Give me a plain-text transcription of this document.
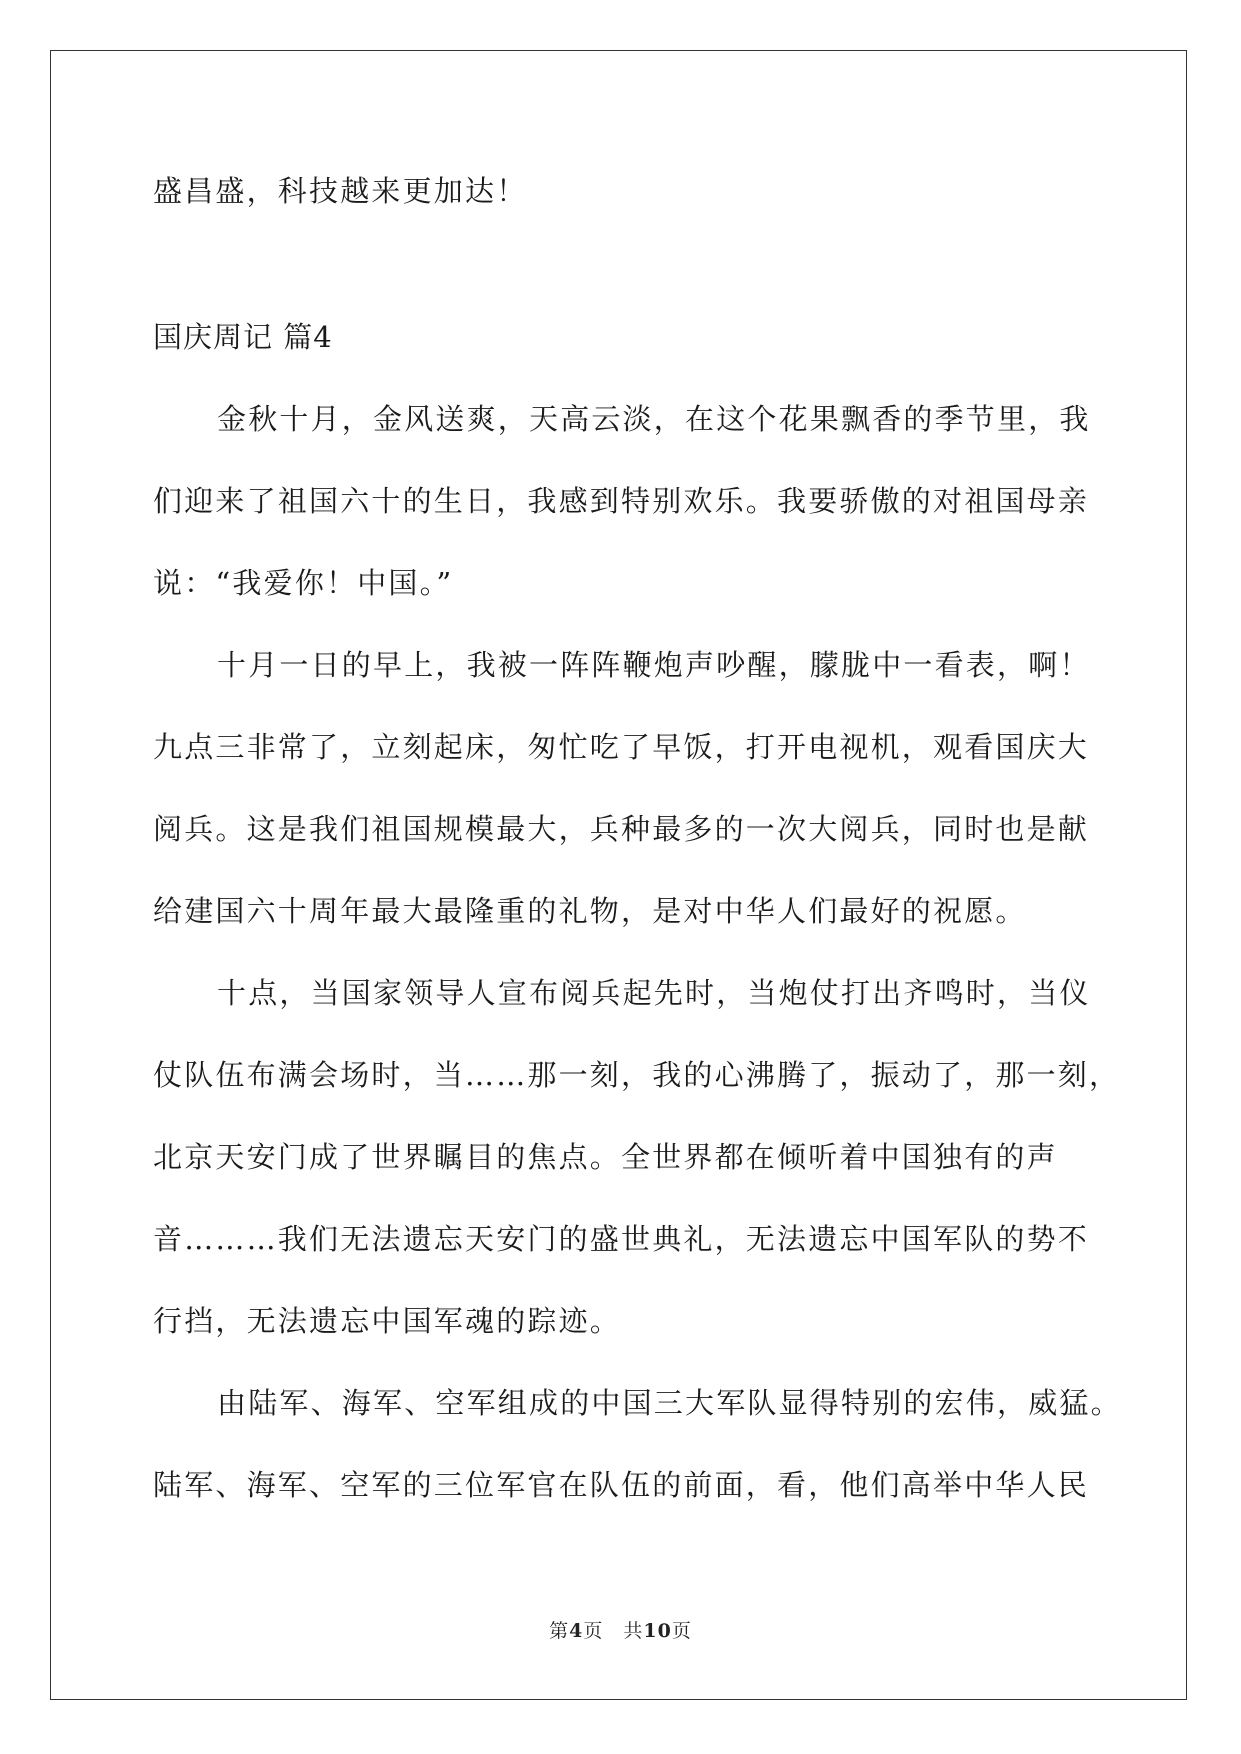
盛昌盛，科技越来更加达！
国庆周记 篇4
金秋十月，金风送爽，天高云淡，在这个花果飘香的季节里，我
们迎来了祖国六十的生日，我感到特别欢乐。我要骄傲的对祖国母亲
说：“我爱你！中国。”
十月一日的早上，我被一阵阵鞭炮声吵醒，朦胧中一看表，啊！
九点三非常了，立刻起床，匆忙吃了早饭，打开电视机，观看国庆大
阅兵。这是我们祖国规模最大，兵种最多的一次大阅兵，同时也是献
给建国六十周年最大最隆重的礼物，是对中华人们最好的祝愿。
十点，当国家领导人宣布阅兵起先时，当炮仗打出齐鸣时，当仪
仗队伍布满会场时，当……那一刻，我的心沸腾了，振动了，那一刻，
北京天安门成了世界瞩目的焦点。全世界都在倾听着中国独有的声
音………我们无法遗忘天安门的盛世典礼，无法遗忘中国军队的势不
行挡，无法遗忘中国军魂的踪迹。
由陆军、海军、空军组成的中国三大军队显得特别的宏伟，威猛。
陆军、海军、空军的三位军官在队伍的前面，看，他们高举中华人民
第4页　共10页
